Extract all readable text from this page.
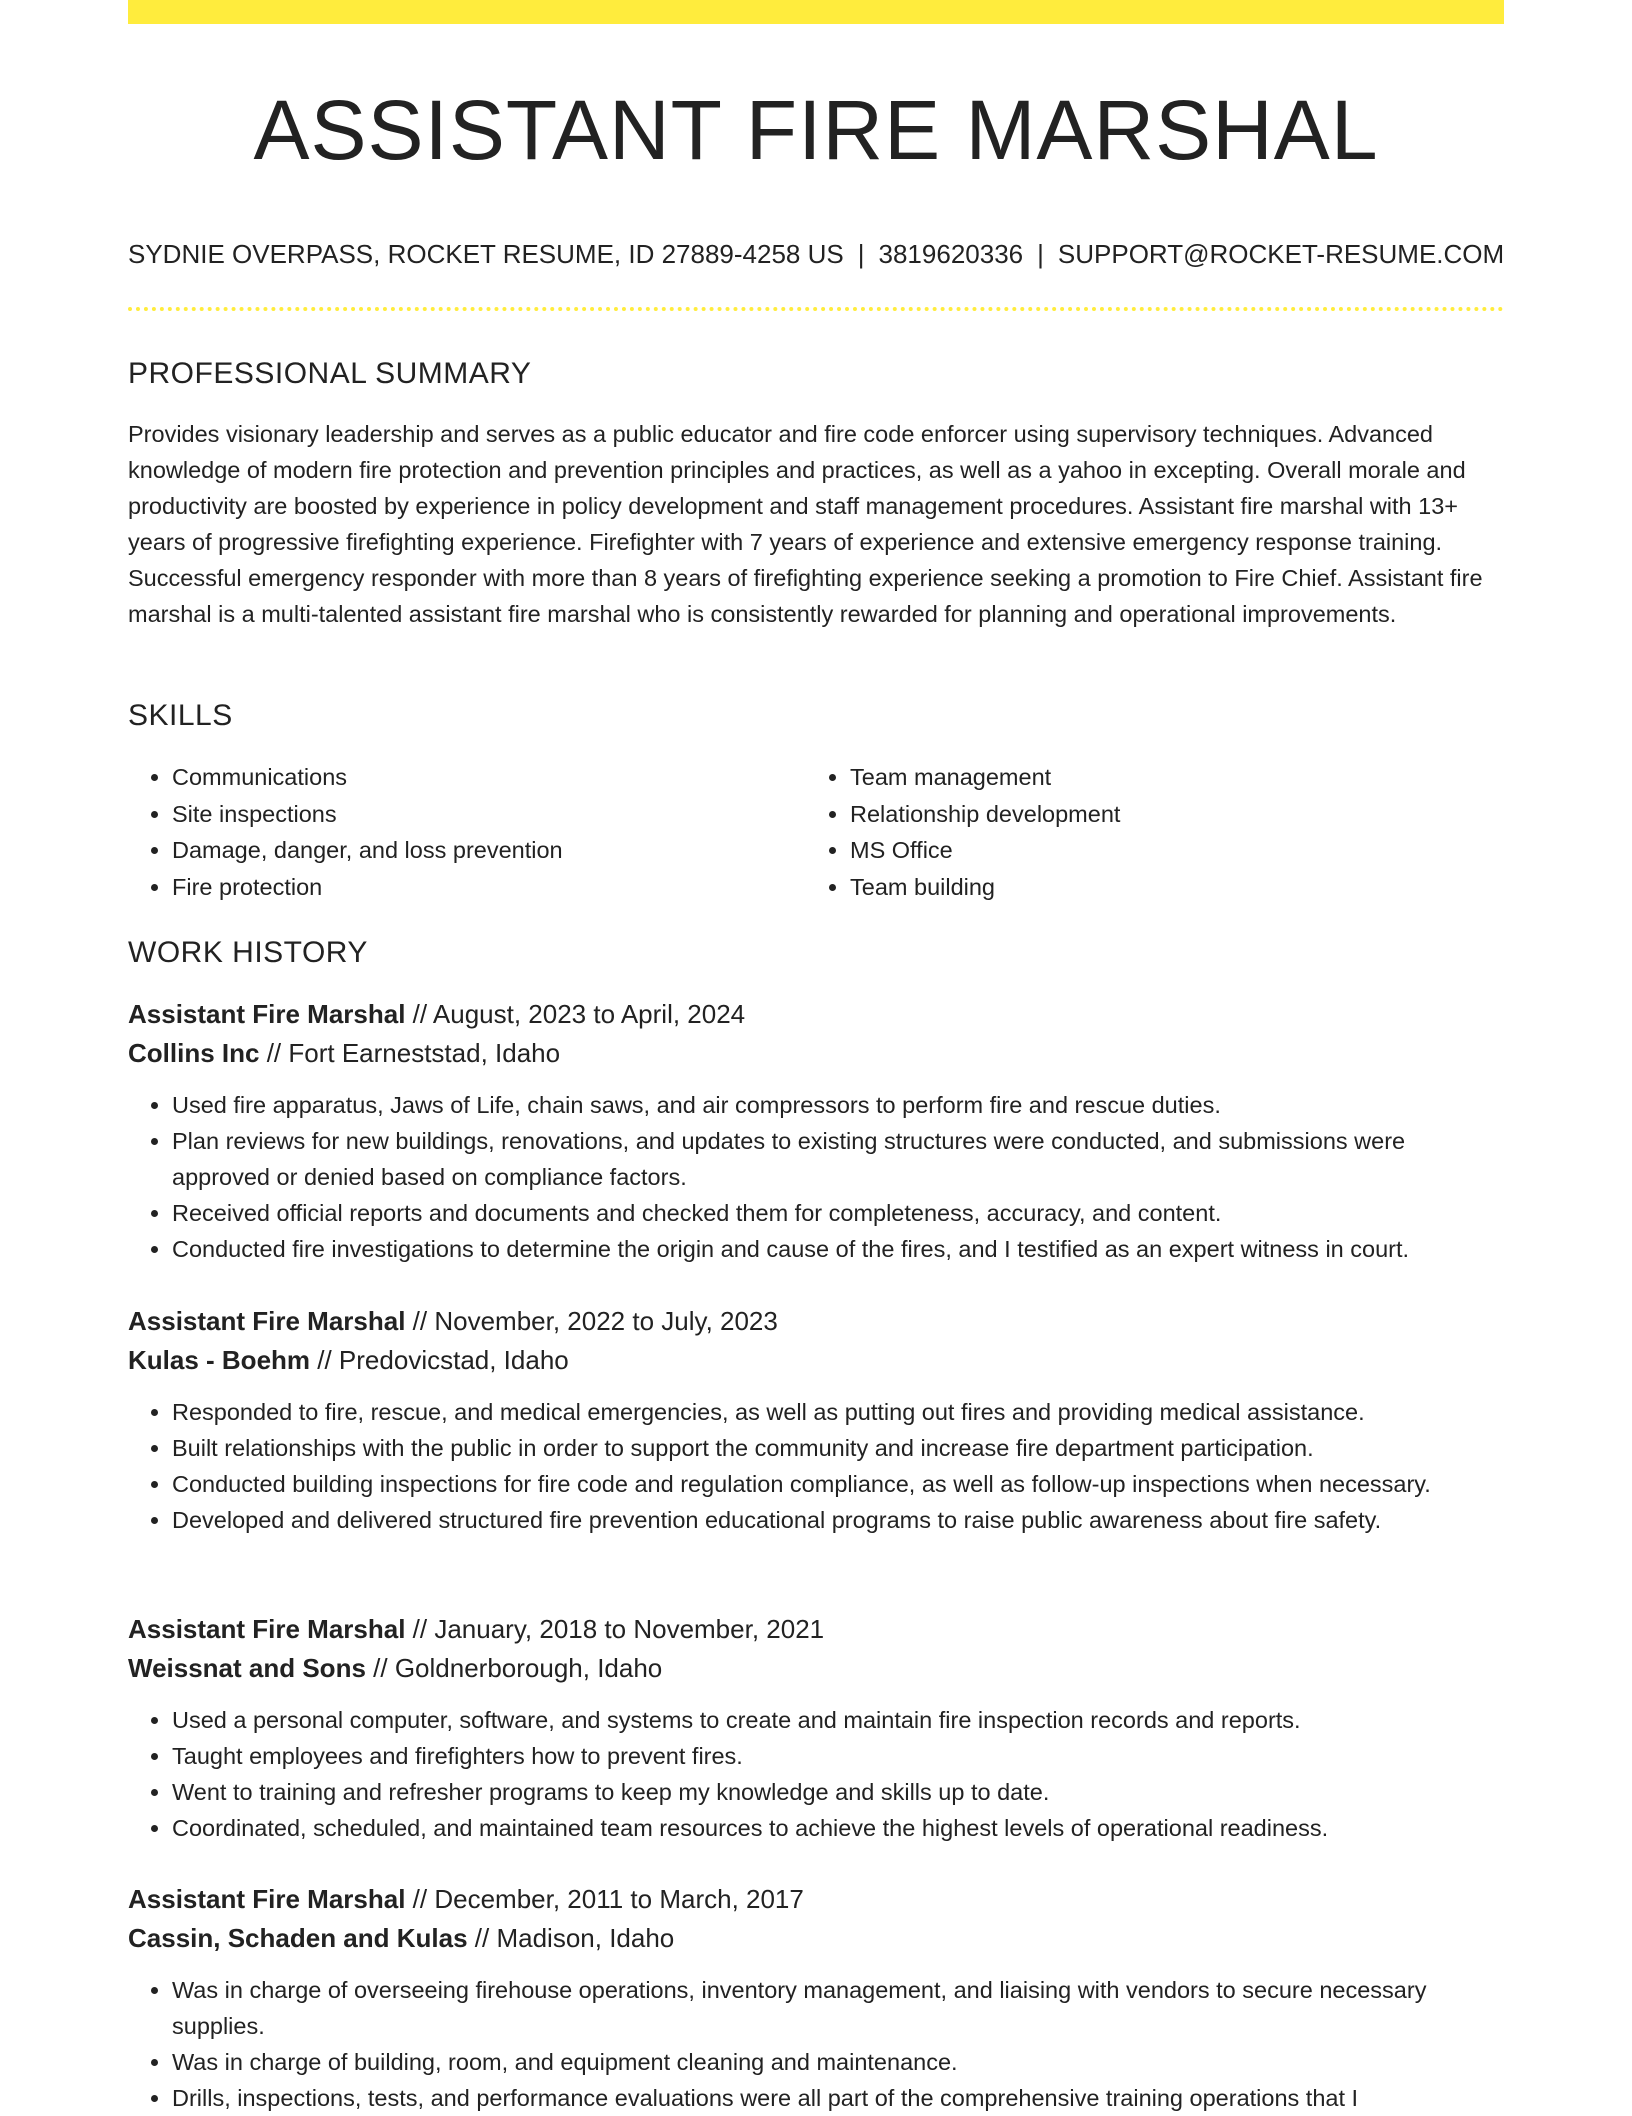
ASSISTANT FIRE MARSHAL
SYDNIE OVERPASS, ROCKET RESUME, ID 27889-4258 US | 3819620336 | SUPPORT@ROCKET-RESUME.COM
PROFESSIONAL SUMMARY

Provides visionary leadership and serves as a public educator and fire code enforcer using supervisory techniques. Advanced knowledge of modern fire protection and prevention principles and practices, as well as a yahoo in excepting. Overall morale and productivity are boosted by experience in policy development and staff management procedures. Assistant fire marshal with 13+ years of progressive firefighting experience. Firefighter with 7 years of experience and extensive emergency response training. Successful emergency responder with more than 8 years of firefighting experience seeking a promotion to Fire Chief. Assistant fire marshal is a multi-talented assistant fire marshal who is consistently rewarded for planning and operational improvements.

SKILLS
• Communications
• Site inspections
• Damage, danger, and loss prevention
• Fire protection
• Team management
• Relationship development
• MS Office
• Team building
WORK HISTORY
Assistant Fire Marshal // August, 2023 to April, 2024
Collins Inc // Fort Earneststad, Idaho
• Used fire apparatus, Jaws of Life, chain saws, and air compressors to perform fire and rescue duties.
• Plan reviews for new buildings, renovations, and updates to existing structures were conducted, and submissions were approved or denied based on compliance factors.
• Received official reports and documents and checked them for completeness, accuracy, and content.
• Conducted fire investigations to determine the origin and cause of the fires, and I testified as an expert witness in court.
Assistant Fire Marshal // November, 2022 to July, 2023
Kulas - Boehm // Predovicstad, Idaho
• Responded to fire, rescue, and medical emergencies, as well as putting out fires and providing medical assistance.
• Built relationships with the public in order to support the community and increase fire department participation.
• Conducted building inspections for fire code and regulation compliance, as well as follow-up inspections when necessary.
• Developed and delivered structured fire prevention educational programs to raise public awareness about fire safety.
Assistant Fire Marshal // January, 2018 to November, 2021
Weissnat and Sons // Goldnerborough, Idaho
• Used a personal computer, software, and systems to create and maintain fire inspection records and reports.
• Taught employees and firefighters how to prevent fires.
• Went to training and refresher programs to keep my knowledge and skills up to date.
• Coordinated, scheduled, and maintained team resources to achieve the highest levels of operational readiness.
Assistant Fire Marshal // December, 2011 to March, 2017
Cassin, Schaden and Kulas // Madison, Idaho
• Was in charge of overseeing firehouse operations, inventory management, and liaising with vendors to secure necessary supplies.
• Was in charge of building, room, and equipment cleaning and maintenance.
• Drills, inspections, tests, and performance evaluations were all part of the comprehensive training operations that I
